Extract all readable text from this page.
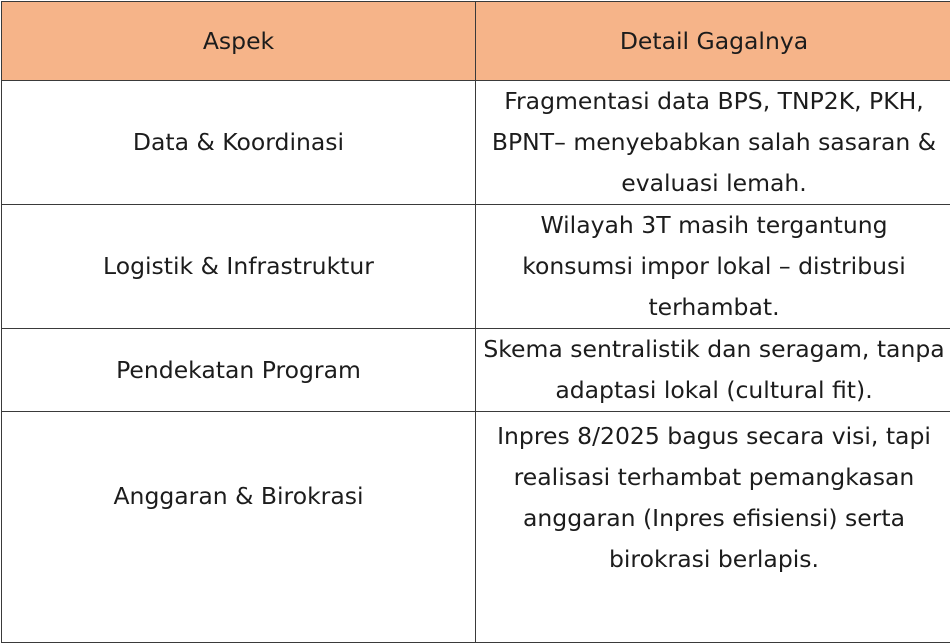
Aspek	Detail Gagalnya
Data & Koordinasi	Fragmentasi data BPS, TNP2K, PKH, BPNT– menyebabkan salah sasaran & evaluasi lemah.
Logistik & Infrastruktur	Wilayah 3T masih tergantung konsumsi impor lokal – distribusi terhambat.
Pendekatan Program	Skema sentralistik dan seragam, tanpa adaptasi lokal (cultural fit).
Anggaran & Birokrasi	Inpres 8/2025 bagus secara visi, tapi realisasi terhambat pemangkasan anggaran (Inpres efisiensi) serta birokrasi berlapis.
